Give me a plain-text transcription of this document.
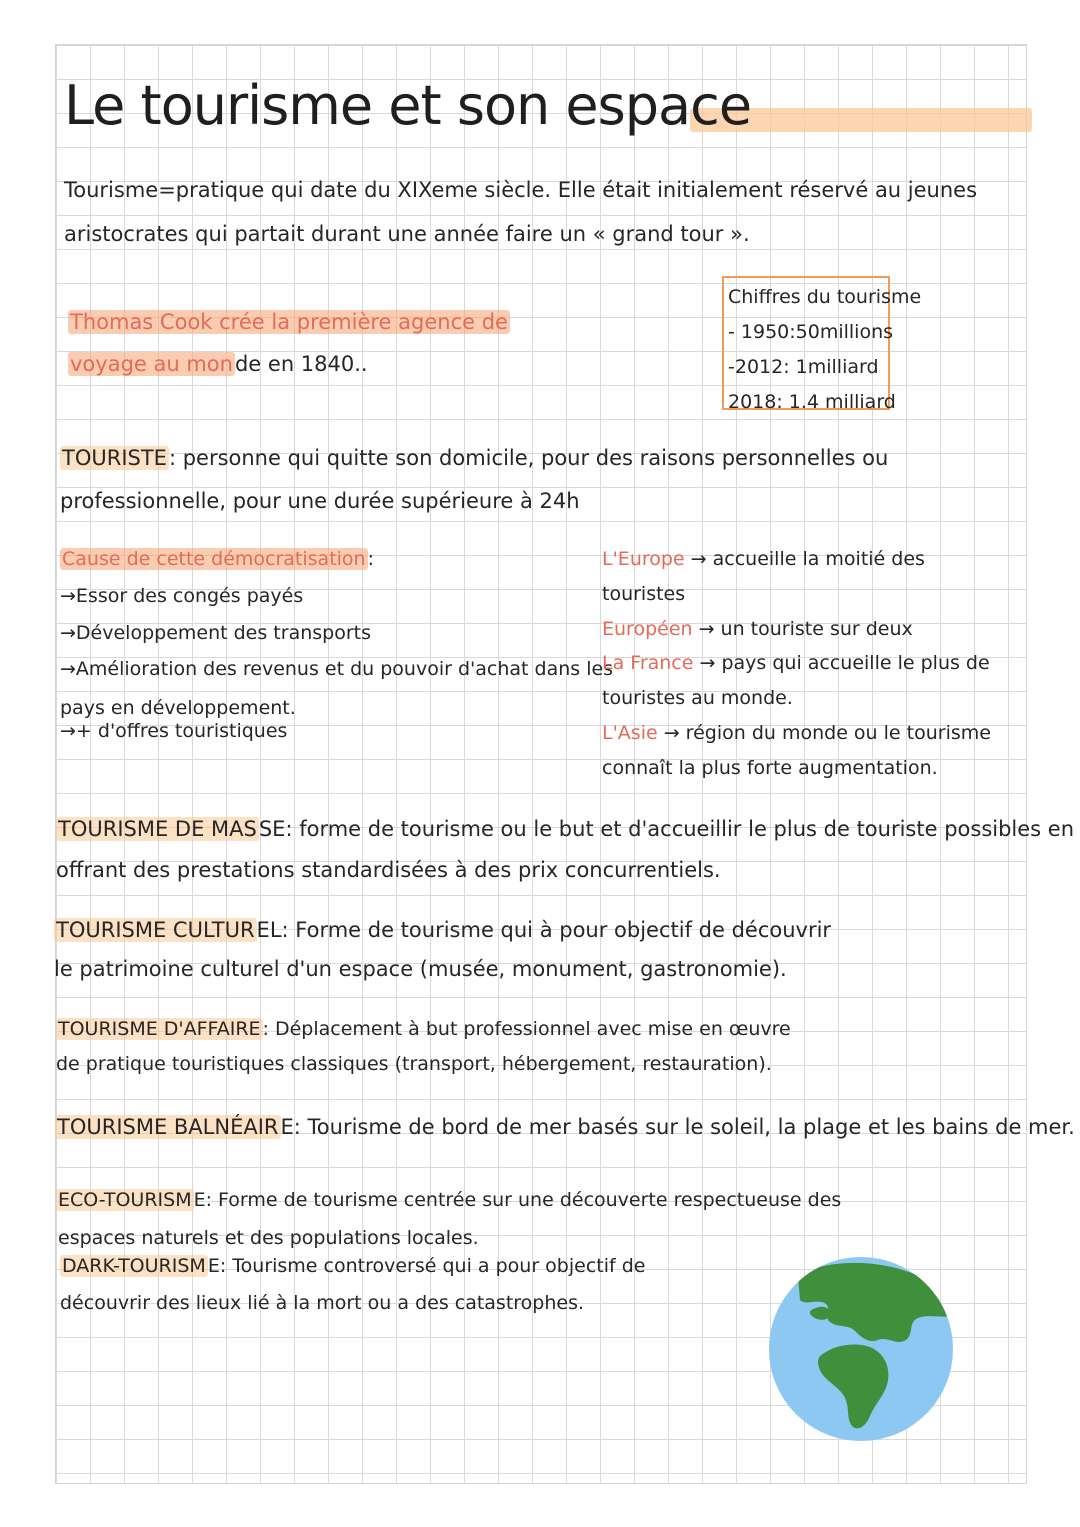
Le tourisme et son espace
Tourisme=pratique qui date du XIXeme siècle. Elle était initialement réservé au jeunes
aristocrates qui partait durant une année faire un « grand tour ».
Thomas Cook crée la première agence de
voyage au monde en 1840..
Chiffres du tourisme
- 1950:50millions
-2012: 1milliard
2018: 1.4 milliard
TOURISTE: personne qui quitte son domicile, pour des raisons personnelles ou
professionnelle, pour une durée supérieure à 24h
Cause de cette démocratisation :
→Essor des congés payés
→Développement des transports
→Amélioration des revenus et du pouvoir d'achat dans les
pays en développement.
→+ d'offres touristiques
L'Europe → accueille la moitié des
touristes
Européen → un touriste sur deux
La France → pays qui accueille le plus de
touristes au monde.
L'Asie → région du monde ou le tourisme
connaît la plus forte augmentation.
TOURISME DE MASSE: forme de tourisme ou le but et d'accueillir le plus de touriste possibles en
offrant des prestations standardisées à des prix concurrentiels.
TOURISME CULTUREL: Forme de tourisme qui à pour objectif de découvrir
le patrimoine culturel d'un espace (musée, monument, gastronomie).
TOURISME D'AFFAIRE : Déplacement à but professionnel avec mise en œuvre
de pratique touristiques classiques (transport, hébergement, restauration).
TOURISME BALNÉAIRE: Tourisme de bord de mer basés sur le soleil, la plage et les bains de mer.
ECO-TOURISM E: Forme de tourisme centrée sur une découverte respectueuse des
espaces naturels et des populations locales.
DARK-TOURISM E: Tourisme controversé qui a pour objectif de
découvrir des lieux lié à la mort ou a des catastrophes.
